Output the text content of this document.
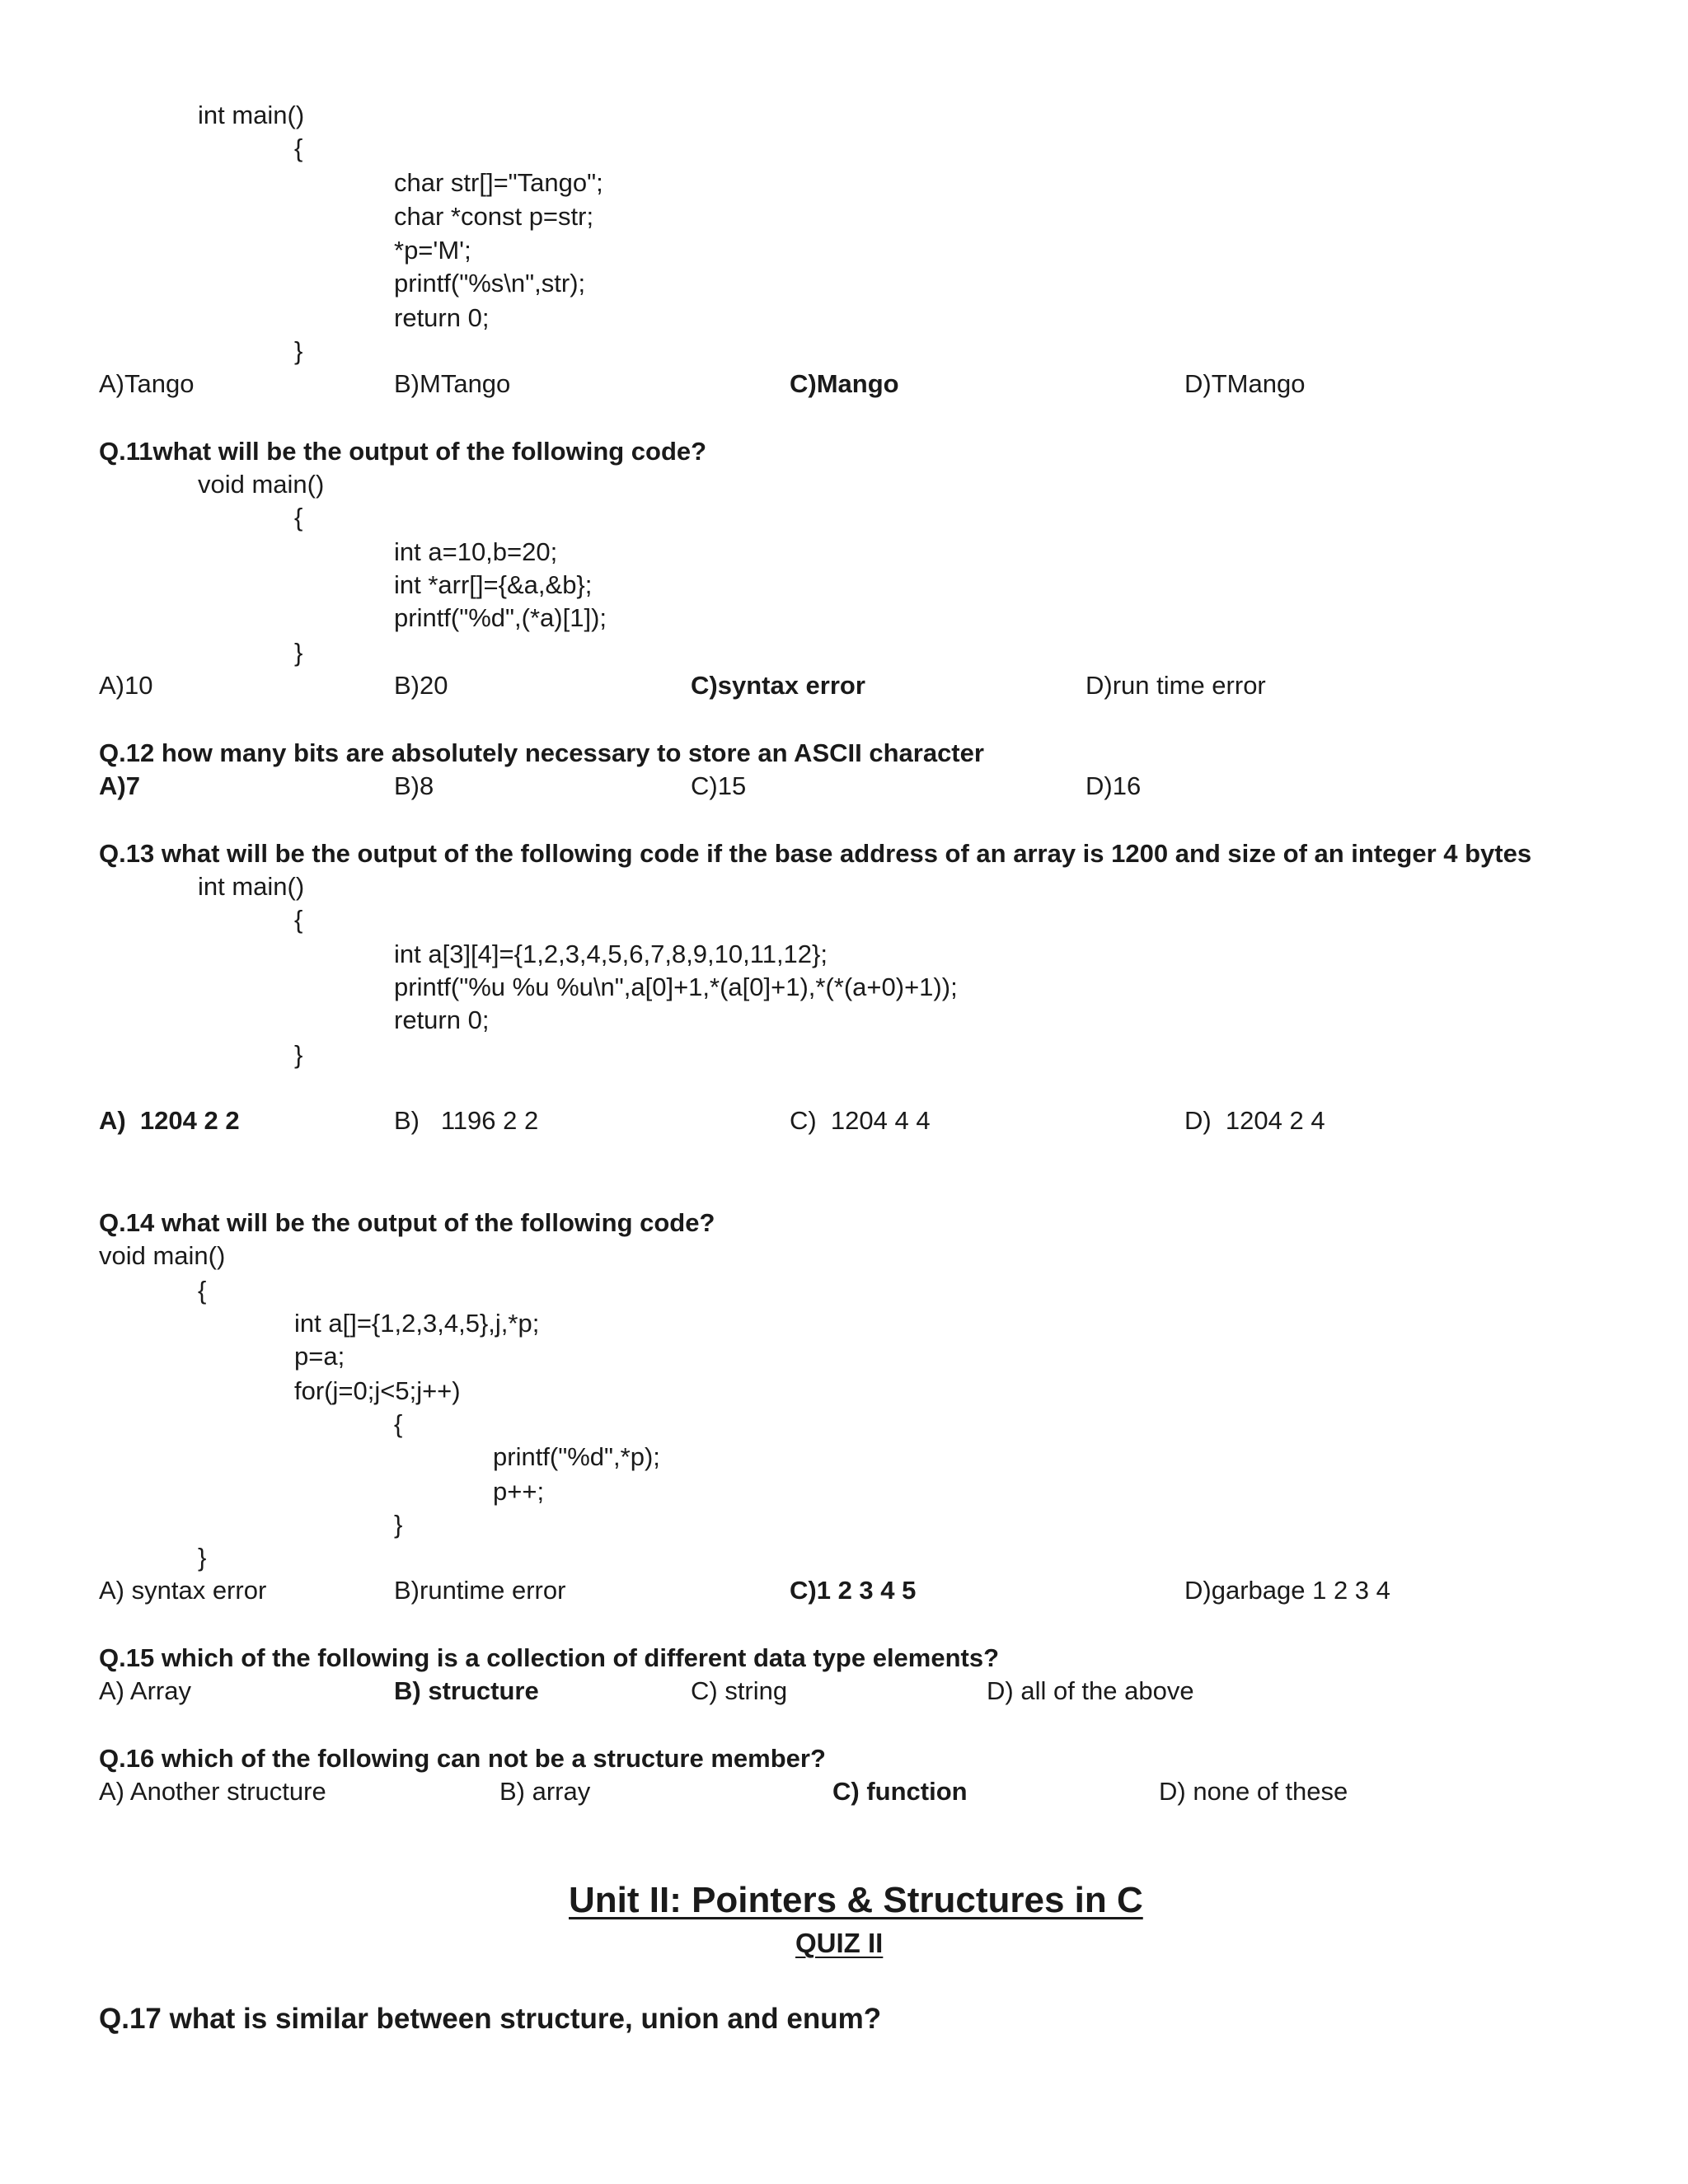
int main()
{
char str[]="Tango";
char *const p=str;
*p='M';
printf("%s\n",str);
return 0;
}
A)Tango	B)MTango	C)Mango	D)TMango
Q.11what will be the output of the following code?
void main()
{
int a=10,b=20;
int *arr[]={&a,&b};
printf("%d",(*a)[1]);
}
A)10	B)20	C)syntax error	D)run time error
Q.12 how many bits are absolutely necessary to store an ASCII character
A)7	B)8	C)15	D)16
Q.13 what will be the output of the following code if the base address of an array is 1200 and size of an integer 4 bytes
int main()
{
int a[3][4]={1,2,3,4,5,6,7,8,9,10,11,12};
printf("%u %u %u\n",a[0]+1,*(a[0]+1),*(*(a+0)+1));
return 0;
}
A)  1204 2 2	B)   1196 2 2	C)  1204 4 4	D)  1204 2 4
Q.14 what will be the output of the following code?
void main()
{
int a[]={1,2,3,4,5},j,*p;
p=a;
for(j=0;j<5;j++)
{
printf("%d",*p);
p++;
}
}
A) syntax error	B)runtime error	C)1 2 3 4 5	D)garbage 1 2 3 4
Q.15 which of the following is a collection of different data type elements?
A) Array	B) structure	C) string	D) all of the above
Q.16 which of the following can not be a structure member?
A) Another structure	B) array	C) function	D) none of these
Unit II: Pointers & Structures in C
QUIZ II
Q.17 what is similar between structure, union and enum?
